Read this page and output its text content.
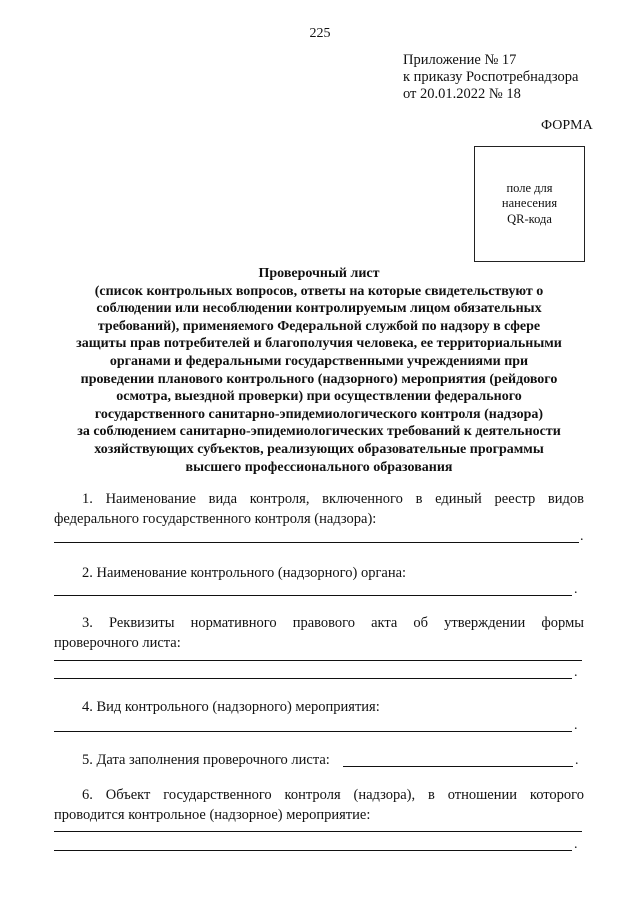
225
Приложение № 17
к приказу Роспотребнадзора
от 20.01.2022 № 18
ФОРМА
поле для
нанесения
QR-кода
Проверочный лист
(список контрольных вопросов, ответы на которые свидетельствуют о
соблюдении или несоблюдении контролируемым лицом обязательных
требований), применяемого Федеральной службой по надзору в сфере
защиты прав потребителей и благополучия человека, ее территориальными
органами и федеральными государственными учреждениями при
проведении планового контрольного (надзорного) мероприятия (рейдового
осмотра, выездной проверки) при осуществлении федерального
государственного санитарно-эпидемиологического контроля (надзора)
за соблюдением санитарно-эпидемиологических требований к деятельности
хозяйствующих субъектов, реализующих образовательные программы
высшего профессионального образования
1. Наименование вида контроля, включенного в единый реестр видов
федерального государственного контроля (надзора):
.
2. Наименование контрольного (надзорного) органа:
.
3. Реквизиты нормативного правового акта об утверждении формы
проверочного листа:
.
4. Вид контрольного (надзорного) мероприятия:
.
5. Дата заполнения проверочного листа:	.
6. Объект государственного контроля (надзора), в отношении которого
проводится контрольное (надзорное) мероприятие:
.
